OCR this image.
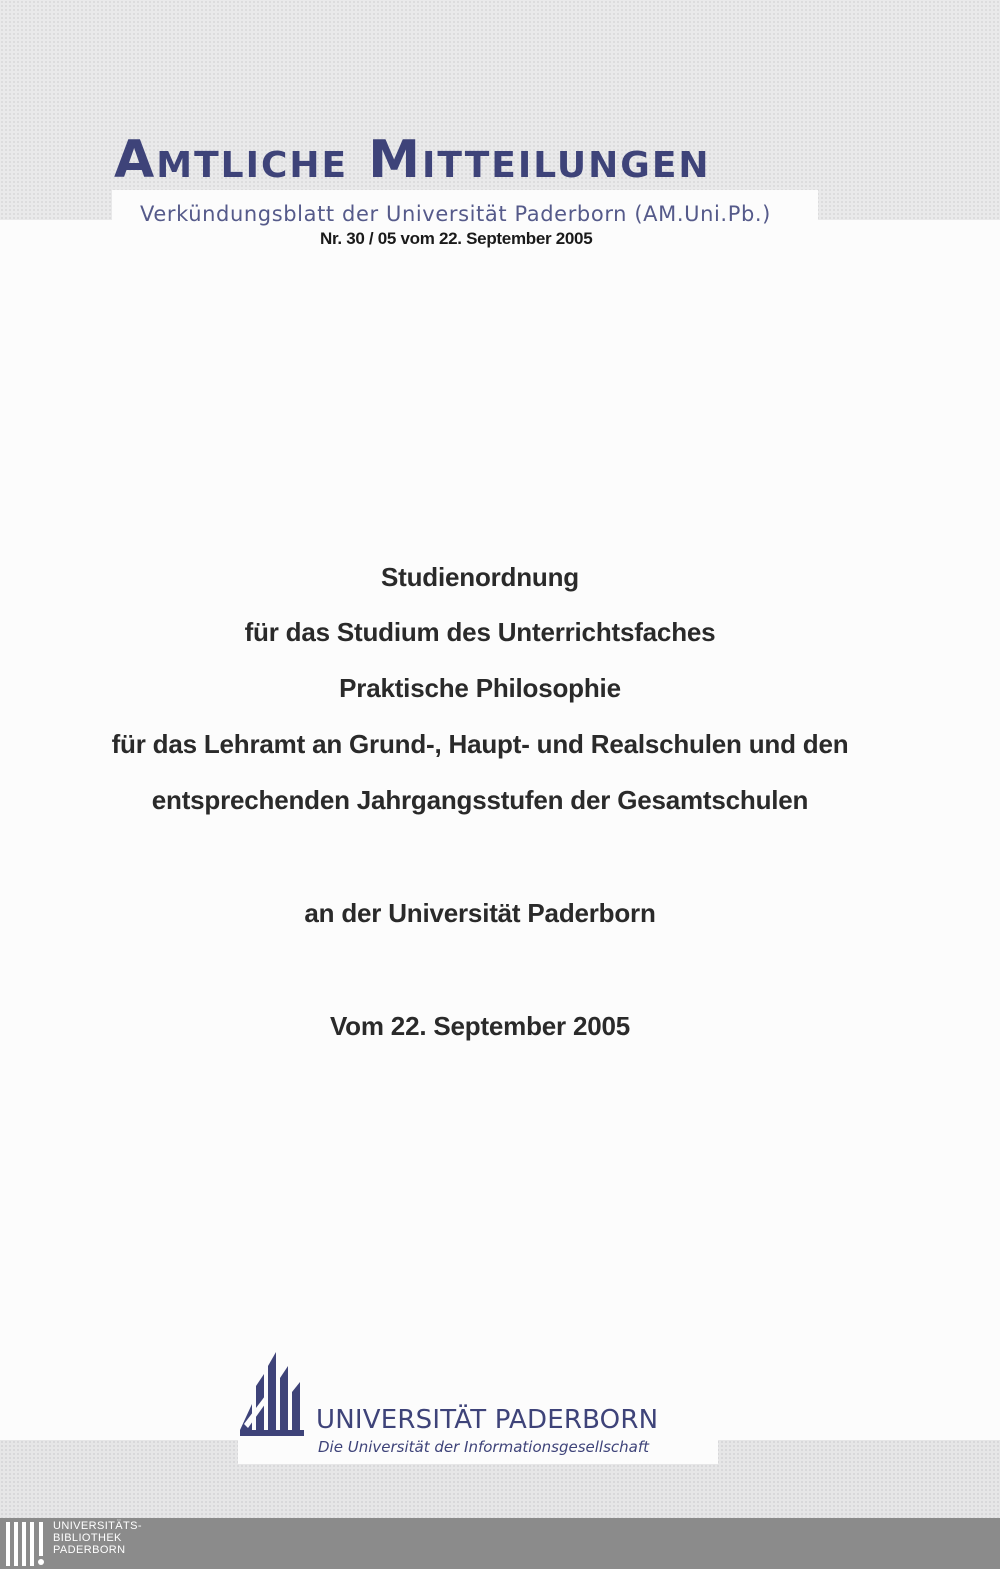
Amtliche Mitteilungen
Verkündungsblatt der Universität Paderborn (AM.Uni.Pb.)
Nr. 30 / 05 vom 22. September 2005
Studienordnung
für das Studium des Unterrichtsfaches
Praktische Philosophie
für das Lehramt an Grund-, Haupt- und Realschulen und den
entsprechenden Jahrgangsstufen der Gesamtschulen
an der Universität Paderborn
Vom 22. September 2005
UNIVERSITÄT PADERBORN
Die Universität der Informationsgesellschaft
UNIVERSITÄTS-
BIBLIOTHEK
PADERBORN
